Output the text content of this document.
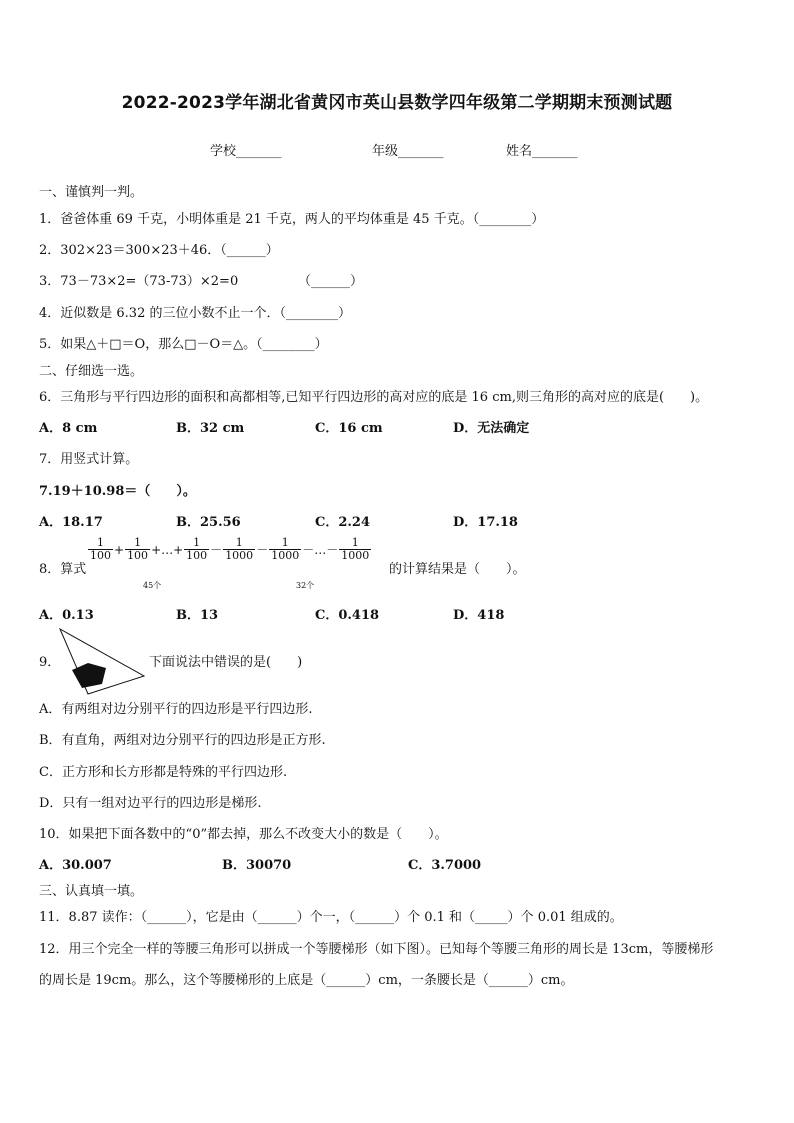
2022-2023学年湖北省黄冈市英山县数学四年级第二学期期末预测试题
学校_______	年级_______	姓名_______
一、谨慎判一判。
1．爸爸体重 69 千克，小明体重是 21 千克，两人的平均体重是 45 千克。（________）
2．302×23＝300×23＋46．（______）
3．73－73×2=（73-73）×2=0	（______）
4．近似数是 6.32 的三位小数不止一个．（________）
5．如果△＋□＝O，那么□－O＝△。（________）
二、仔细选一选。
6．三角形与平行四边形的面积和高都相等,已知平行四边形的高对应的底是 16 cm,则三角形的高对应的底是(　　)。
A．8 cm	B．32 cm	C．16 cm	D．无法确定
7．用竖式计算。
7.19＋10.98＝（　　）。
A．18.17	B．25.56	C．2.24	D．17.18
8．算式
$\frac{1}{100} + \frac{1}{100}$ +…+ $\frac{1}{100} - \frac{1}{1000} - \frac{1}{1000}$ －…－ $\frac{1}{1000}$
45个	32个
的计算结果是（　　）。
A．0.13	B．13	C．0.418	D．418
9．	下面说法中错误的是(　　)
A．有两组对边分别平行的四边形是平行四边形.
B．有直角，两组对边分别平行的四边形是正方形.
C．正方形和长方形都是特殊的平行四边形.
D．只有一组对边平行的四边形是梯形.
10．如果把下面各数中的“0”都去掉，那么不改变大小的数是（　　）。
A．30.007	B．30070	C．3.7000
三、认真填一填。
11．8.87 读作：（______），它是由（______）个一，（______）个 0.1 和（_____）个 0.01 组成的。
12．用三个完全一样的等腰三角形可以拼成一个等腰梯形（如下图）。已知每个等腰三角形的周长是 13cm，等腰梯形
的周长是 19cm。那么，这个等腰梯形的上底是（______）cm，一条腰长是（______）cm。
